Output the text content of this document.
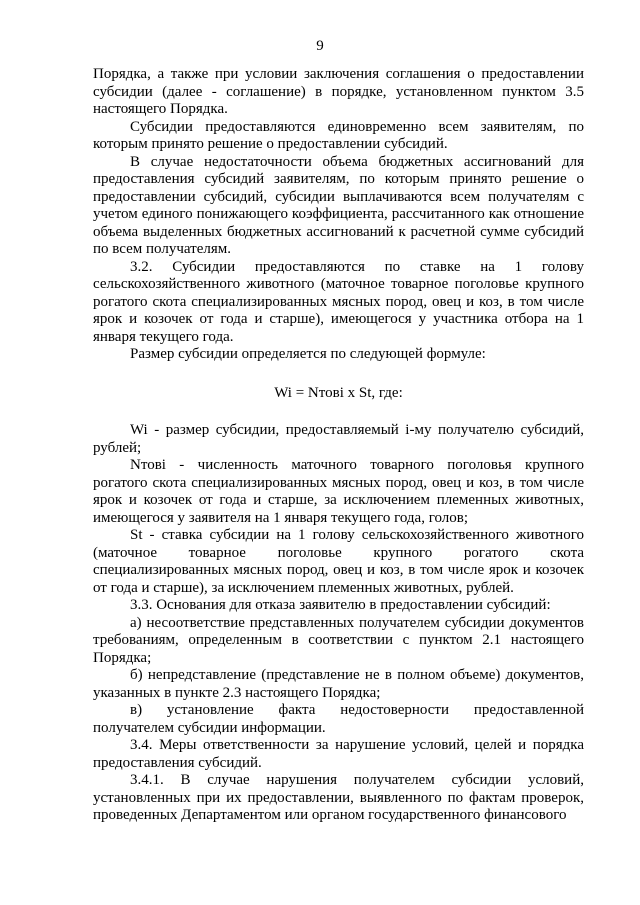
9

Порядка, а также при условии заключения соглашения о предоставлении субсидии (далее - соглашение) в порядке, установленном пунктом 3.5 настоящего Порядка.

Субсидии предоставляются единовременно всем заявителям, по которым принято решение о предоставлении субсидий.

В случае недостаточности объема бюджетных ассигнований для предоставления субсидий заявителям, по которым принято решение о предоставлении субсидий, субсидии выплачиваются всем получателям с учетом единого понижающего коэффициента, рассчитанного как отношение объема выделенных бюджетных ассигнований к расчетной сумме субсидий по всем получателям.

3.2. Субсидии предоставляются по ставке на 1 голову сельскохозяйственного животного (маточное товарное поголовье крупного рогатого скота специализированных мясных пород, овец и коз, в том числе ярок и козочек от года и старше), имеющегося у участника отбора на 1 января текущего года.

Размер субсидии определяется по следующей формуле:

Wi = Nтові x St, где:

Wi - размер субсидии, предоставляемый i-му получателю субсидий, рублей;

Nтові - численность маточного товарного поголовья крупного рогатого скота специализированных мясных пород, овец и коз, в том числе ярок и козочек от года и старше, за исключением племенных животных, имеющегося у заявителя на 1 января текущего года, голов;

St - ставка субсидии на 1 голову сельскохозяйственного животного (маточное товарное поголовье крупного рогатого скота специализированных мясных пород, овец и коз, в том числе ярок и козочек от года и старше), за исключением племенных животных, рублей.

3.3. Основания для отказа заявителю в предоставлении субсидий:

а) несоответствие представленных получателем субсидии документов требованиям, определенным в соответствии с пунктом 2.1 настоящего Порядка;

б) непредставление (представление не в полном объеме) документов, указанных в пункте 2.3 настоящего Порядка;

в) установление факта недостоверности предоставленной получателем субсидии информации.

3.4. Меры ответственности за нарушение условий, целей и порядка предоставления субсидий.

3.4.1. В случае нарушения получателем субсидии условий, установленных при их предоставлении, выявленного по фактам проверок, проведенных Департаментом или органом государственного финансового
